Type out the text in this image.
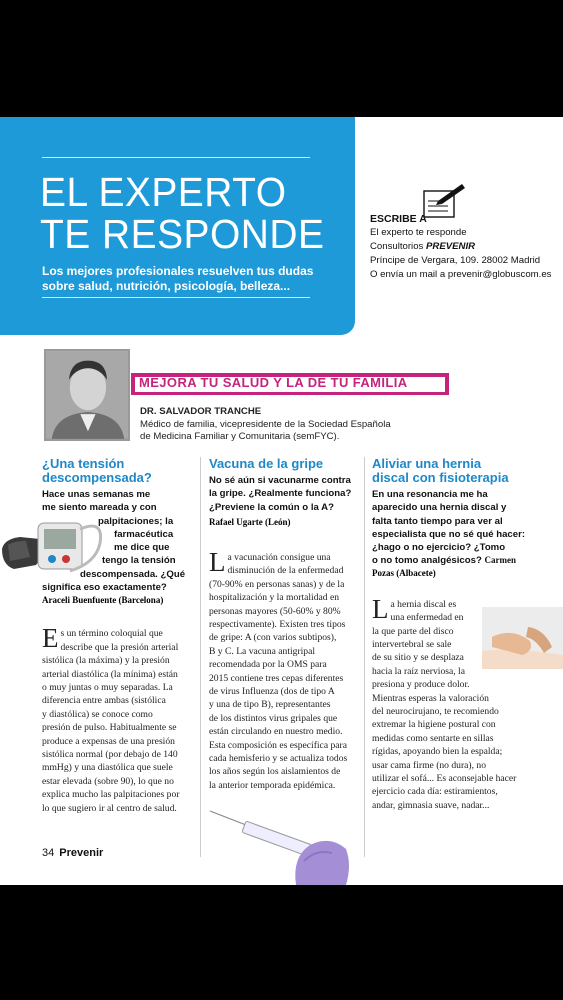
EL EXPERTO
TE RESPONDE
Los mejores profesionales resuelven tus dudas
sobre salud, nutrición, psicología, belleza...
ESCRIBE A
El experto te responde
Consultorios PREVENIR
Príncipe de Vergara, 109. 28002 Madrid
O envía un mail a prevenir@globuscom.es
MEJORA TU SALUD Y LA DE TU FAMILIA
DR. SALVADOR TRANCHE
Médico de familia, vicepresidente de la Sociedad Española
de Medicina Familiar y Comunitaria (semFYC).
¿Una tensión
descompensada?
Hace unas semanas me
me siento mareada y con
palpitaciones; la
farmacéutica
me dice que
tengo la tensión
descompensada. ¿Qué
significa eso exactamente?
Araceli Buenfuente (Barcelona)
E s un término coloquial que
describe que la presión arterial
sistólica (la máxima) y la presión
arterial diastólica (la mínima) están
o muy juntas o muy separadas. La
diferencia entre ambas (sistólica
y diastólica) se conoce como
presión de pulso. Habitualmente se
produce a expensas de una presión
sistólica normal (por debajo de 140
mmHg) y una diastólica que suele
estar elevada (sobre 90), lo que no
explica mucho las palpitaciones por
lo que sugiero ir al centro de salud.
Vacuna de la gripe
No sé aún si vacunarme contra
la gripe. ¿Realmente funciona?
¿Previene la común o la A?
Rafael Ugarte (León)
L a vacunación consigue una
disminución de la enfermedad
(70-90% en personas sanas) y de la
hospitalización y la mortalidad en
personas mayores (50-60% y 80%
respectivamente). Existen tres tipos
de gripe: A (con varios subtipos),
B y C. La vacuna antigripal
recomendada por la OMS para
2015 contiene tres cepas diferentes
de virus Influenza (dos de tipo A
y una de tipo B), representantes
de los distintos virus gripales que
están circulando en nuestro medio.
Esta composición es específica para
cada hemisferio y se actualiza todos
los años según los aislamientos de
la anterior temporada epidémica.
Aliviar una hernia
discal con fisioterapia
En una resonancia me ha
aparecido una hernia discal y
falta tanto tiempo para ver al
especialista que no sé qué hacer:
¿hago o no ejercicio? ¿Tomo
o no tomo analgésicos? Carmen
Pozas (Albacete)
L a hernia discal es
una enfermedad en
la que parte del disco
intervertebral se sale
de su sitio y se desplaza
hacia la raíz nerviosa, la
presiona y produce dolor.
Mientras esperas la valoración
del neurocirujano, te recomiendo
extremar la higiene postural con
medidas como sentarte en sillas
rígidas, apoyando bien la espalda;
usar cama firme (no dura), no
utilizar el sofá... Es aconsejable hacer
ejercicio cada día: estiramientos,
andar, gimnasia suave, nadar...
34 Prevenir
